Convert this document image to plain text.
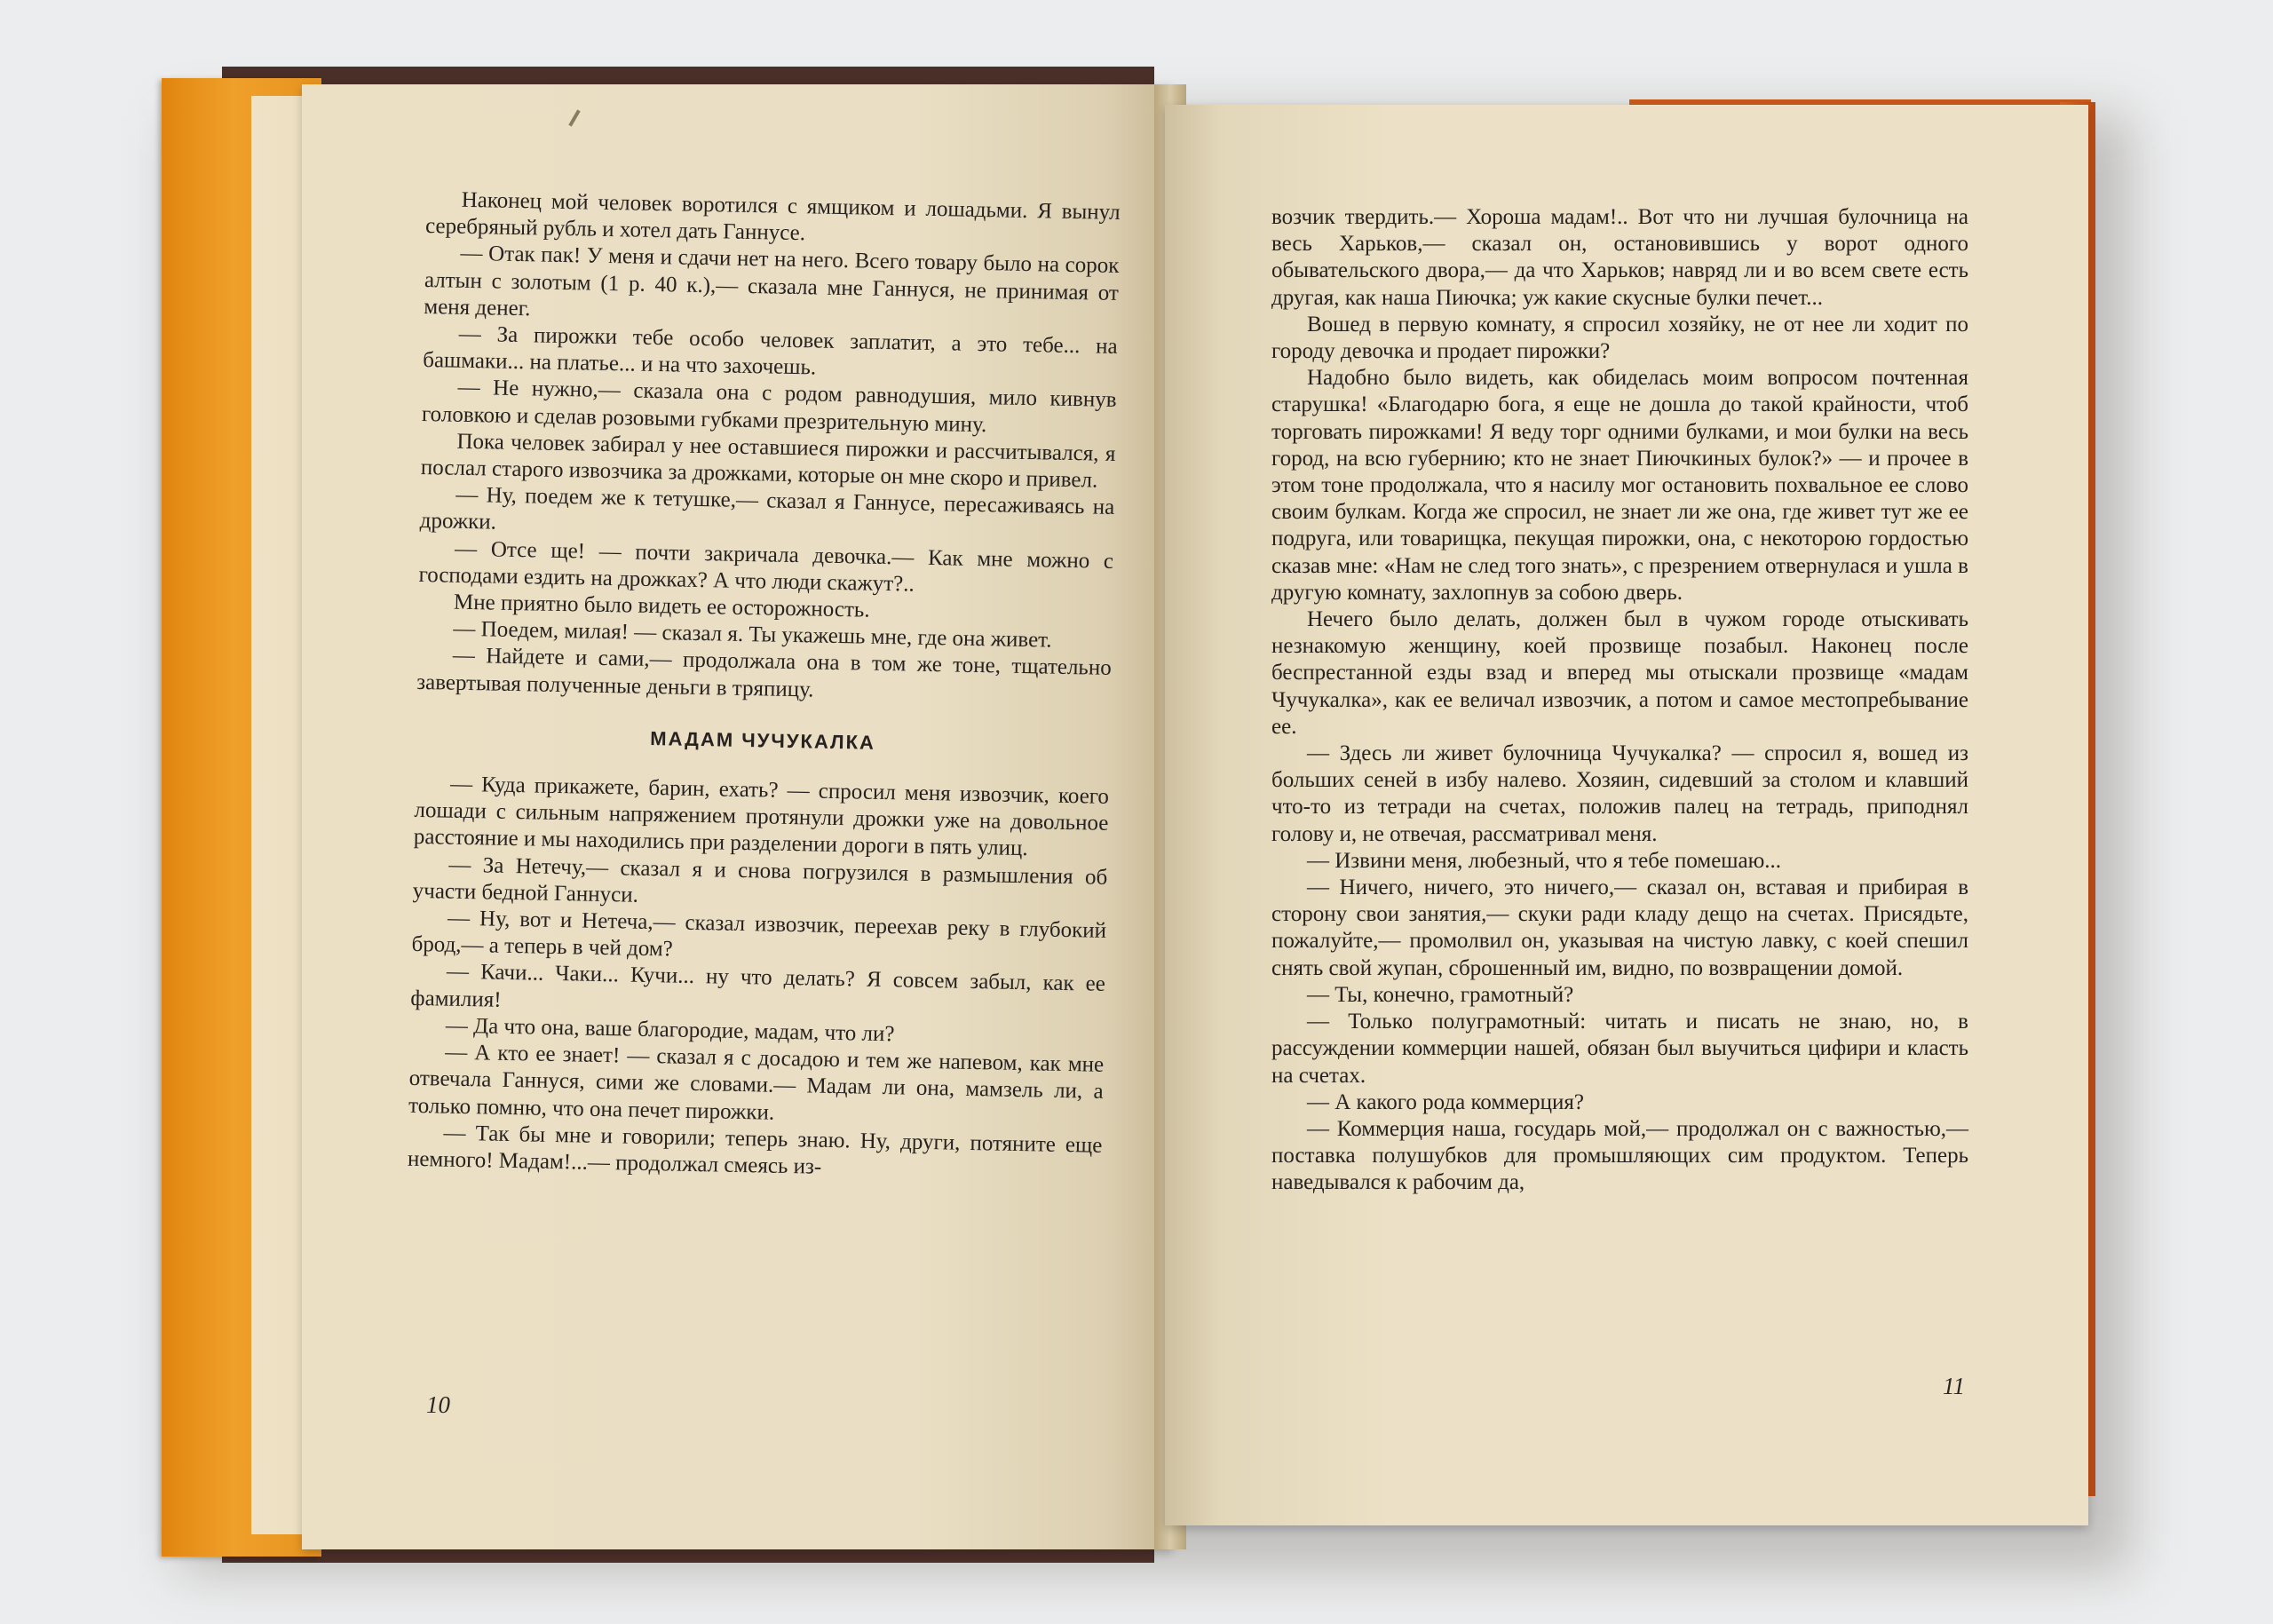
Наконец мой человек воротился с ямщиком и лошадьми. Я вынул серебряный рубль и хотел дать Ганнусе.

— Отак пак! У меня и сдачи нет на него. Всего товару было на сорок алтын с золотым (1 р. 40 к.),— сказала мне Ганнуся, не принимая от меня денег.

— За пирожки тебе особо человек заплатит, а это тебе... на башмаки... на платье... и на что захочешь.

— Не нужно,— сказала она с родом равнодушия, мило кивнув головкою и сделав розовыми губками презрительную мину.

Пока человек забирал у нее оставшиеся пирожки и рассчитывался, я послал старого извозчика за дрожками, которые он мне скоро и привел.

— Ну, поедем же к тетушке,— сказал я Ганнусе, пересаживаясь на дрожки.

— Отсе ще! — почти закричала девочка.— Как мне можно с господами ездить на дрожках? А что люди скажут?..

Мне приятно было видеть ее осторожность.

— Поедем, милая! — сказал я. Ты укажешь мне, где она живет.

— Найдете и сами,— продолжала она в том же тоне, тщательно завертывая полученные деньги в тряпицу.

МАДАМ ЧУЧУКАЛКА

— Куда прикажете, барин, ехать? — спросил меня извозчик, коего лошади с сильным напряжением протянули дрожки уже на довольное расстояние и мы находились при разделении дороги в пять улиц.

— За Нетечу,— сказал я и снова погрузился в размышления об участи бедной Ганнуси.

— Ну, вот и Нетеча,— сказал извозчик, переехав реку в глубокий брод,— а теперь в чей дом?

— Качи... Чаки... Кучи... ну что делать? Я совсем забыл, как ее фамилия!

— Да что она, ваше благородие, мадам, что ли?

— А кто ее знает! — сказал я с досадою и тем же напевом, как мне отвечала Ганнуся, сими же словами.— Мадам ли она, мамзель ли, а только помню, что она печет пирожки.

— Так бы мне и говорили; теперь знаю. Ну, други, потяните еще немного! Мадам!...— продолжал смеясь из-

10

возчик твердить.— Хороша мадам!.. Вот что ни лучшая булочница на весь Харьков,— сказал он, остановившись у ворот одного обывательского двора,— да что Харьков; навряд ли и во всем свете есть другая, как наша Пиючка; уж какие скусные булки печет...

Вошед в первую комнату, я спросил хозяйку, не от нее ли ходит по городу девочка и продает пирожки?

Надобно было видеть, как обиделась моим вопросом почтенная старушка! «Благодарю бога, я еще не дошла до такой крайности, чтоб торговать пирожками! Я веду торг одними булками, и мои булки на весь город, на всю губернию; кто не знает Пиючкиных булок?» — и прочее в этом тоне продолжала, что я насилу мог остановить похвальное ее слово своим булкам. Когда же спросил, не знает ли же она, где живет тут же ее подруга, или товарищка, пекущая пирожки, она, с некоторою гордостью сказав мне: «Нам не след того знать», с презрением отвернулася и ушла в другую комнату, захлопнув за собою дверь.

Нечего было делать, должен был в чужом городе отыскивать незнакомую женщину, коей прозвище позабыл. Наконец после беспрестанной езды взад и вперед мы отыскали прозвище «мадам Чучукалка», как ее величал извозчик, а потом и самое местопребывание ее.

— Здесь ли живет булочница Чучукалка? — спросил я, вошед из больших сеней в избу налево. Хозяин, сидевший за столом и клавший что-то из тетради на счетах, положив палец на тетрадь, приподнял голову и, не отвечая, рассматривал меня.

— Извини меня, любезный, что я тебе помешаю...

— Ничего, ничего, это ничего,— сказал он, вставая и прибирая в сторону свои занятия,— скуки ради кладу дещо на счетах. Присядьте, пожалуйте,— промолвил он, указывая на чистую лавку, с коей спешил снять свой жупан, сброшенный им, видно, по возвращении домой.

— Ты, конечно, грамотный?

— Только полуграмотный: читать и писать не знаю, но, в рассуждении коммерции нашей, обязан был выучиться цифири и класть на счетах.

— А какого рода коммерция?

— Коммерция наша, государь мой,— продолжал он с важностью,— поставка полушубков для промышляющих сим продуктом. Теперь наведывался к рабочим да,

11
